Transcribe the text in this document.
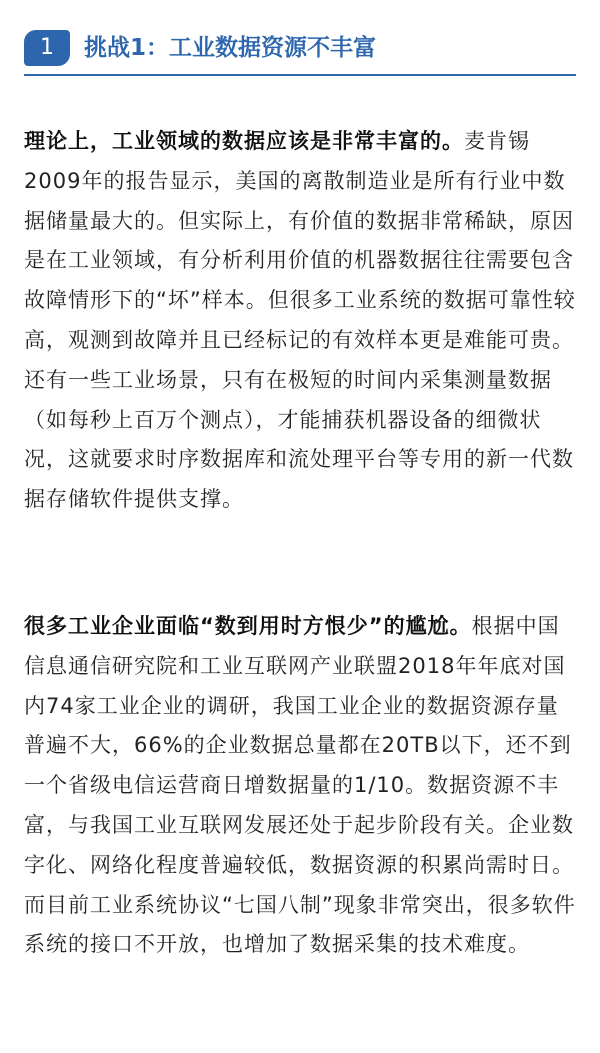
1	挑战1：工业数据资源不丰富

理论上，工业领域的数据应该是非常丰富的。麦肯锡2009年的报告显示，美国的离散制造业是所有行业中数据储量最大的。但实际上，有价值的数据非常稀缺，原因是在工业领域，有分析利用价值的机器数据往往需要包含故障情形下的“坏”样本。但很多工业系统的数据可靠性较高，观测到故障并且已经标记的有效样本更是难能可贵。还有一些工业场景，只有在极短的时间内采集测量数据（如每秒上百万个测点），才能捕获机器设备的细微状况，这就要求时序数据库和流处理平台等专用的新一代数据存储软件提供支撑。

很多工业企业面临“数到用时方恨少”的尴尬。根据中国信息通信研究院和工业互联网产业联盟2018年年底对国内74家工业企业的调研，我国工业企业的数据资源存量普遍不大，66%的企业数据总量都在20TB以下，还不到一个省级电信运营商日增数据量的1/10。数据资源不丰富，与我国工业互联网发展还处于起步阶段有关。企业数字化、网络化程度普遍较低，数据资源的积累尚需时日。而目前工业系统协议“七国八制”现象非常突出，很多软件系统的接口不开放，也增加了数据采集的技术难度。
